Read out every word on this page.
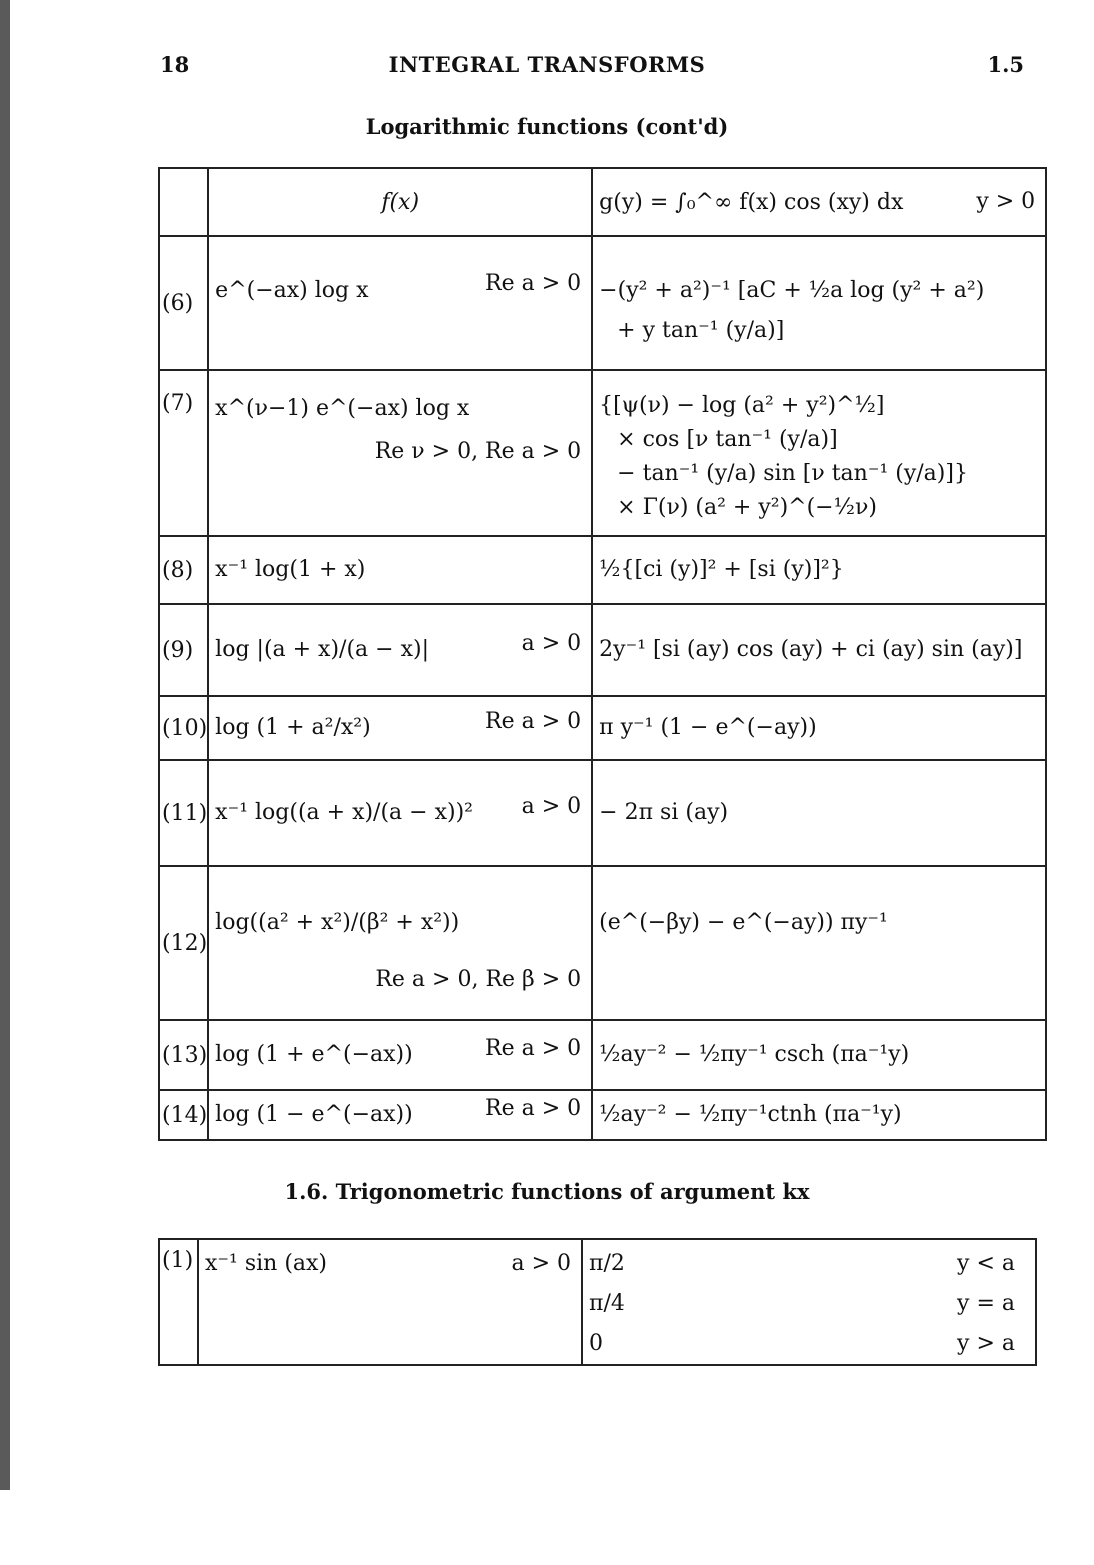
18	INTEGRAL TRANSFORMS	1.5
Logarithmic functions (cont'd)
	f(x)	g(y) = ∫₀^∞ f(x) cos (xy) dx y > 0

(6)	e^(−ax) log x Re a > 0	−(y² + a²)⁻¹ [aC + ½a log (y² + a²)
+ y tan⁻¹ (y/a)]

(7)	x^(ν−1) e^(−ax) log x
Re ν > 0, Re a > 0	{[ψ(ν) − log (a² + y²)^½]
× cos [ν tan⁻¹ (y/a)]
− tan⁻¹ (y/a) sin [ν tan⁻¹ (y/a)]}
× Γ(ν) (a² + y²)^(−½ν)

(8)	x⁻¹ log(1 + x)	½{[ci (y)]² + [si (y)]²}

(9)	log |(a + x)/(a − x)| a > 0	2y⁻¹ [si (ay) cos (ay) + ci (ay) sin (ay)]

(10)	log (1 + a²/x²) Re a > 0	π y⁻¹ (1 − e^(−ay))

(11)	x⁻¹ log((a + x)/(a − x))² a > 0	− 2π si (ay)

(12)	log((a² + x²)/(β² + x²))
Re a > 0, Re β > 0	(e^(−βy) − e^(−ay)) πy⁻¹

(13)	log (1 + e^(−ax)) Re a > 0	½ay⁻² − ½πy⁻¹ csch (πa⁻¹y)

(14)	log (1 − e^(−ax)) Re a > 0	½ay⁻² − ½πy⁻¹ctnh (πa⁻¹y)
1.6. Trigonometric functions of argument kx
(1)	x⁻¹ sin (ax)	a > 0	π/2	y < a
π/4	y = a
0	y > a
